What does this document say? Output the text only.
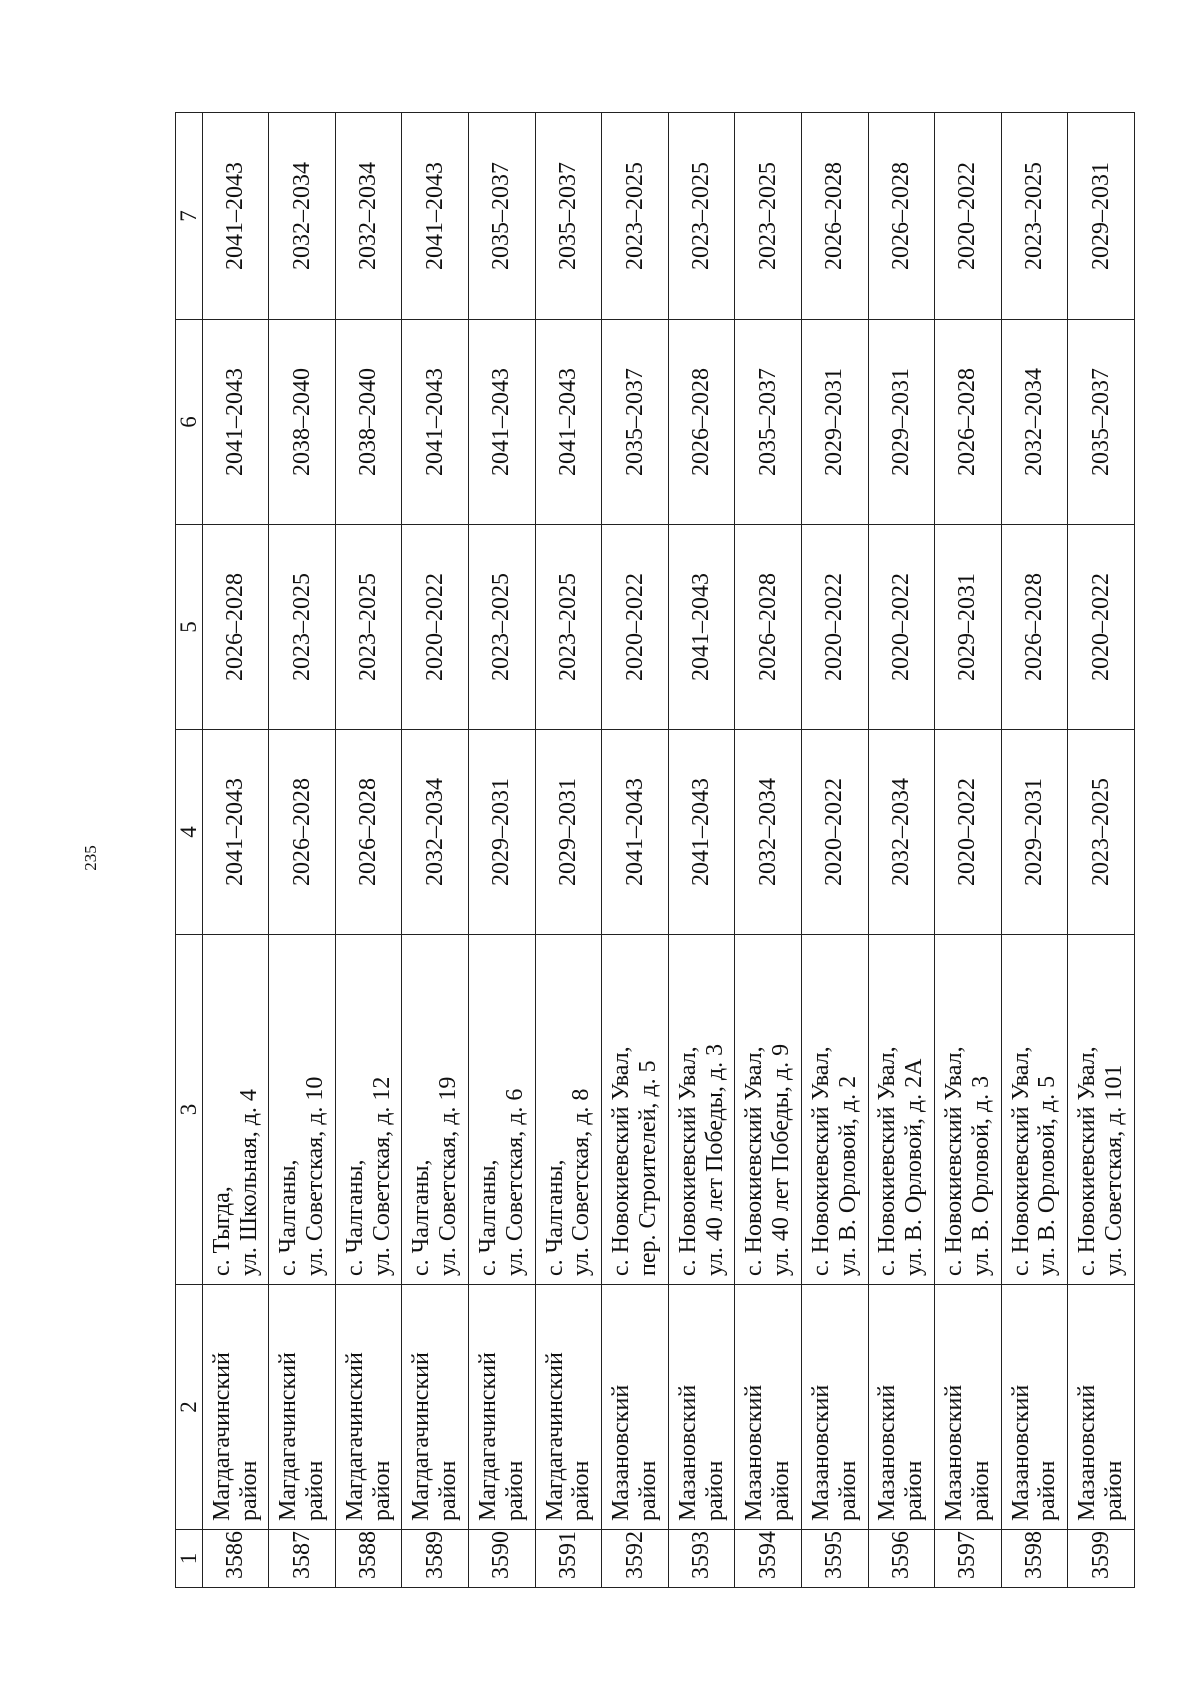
235
1	2	3	4	5	6	7
3586	Магдагачинский район	с. Тыгда, ул. Школьная, д. 4	2041–2043	2026–2028	2041–2043	2041–2043
3587	Магдагачинский район	с. Чалганы, ул. Советская, д. 10	2026–2028	2023–2025	2038–2040	2032–2034
3588	Магдагачинский район	с. Чалганы, ул. Советская, д. 12	2026–2028	2023–2025	2038–2040	2032–2034
3589	Магдагачинский район	с. Чалганы, ул. Советская, д. 19	2032–2034	2020–2022	2041–2043	2041–2043
3590	Магдагачинский район	с. Чалганы, ул. Советская, д. 6	2029–2031	2023–2025	2041–2043	2035–2037
3591	Магдагачинский район	с. Чалганы, ул. Советская, д. 8	2029–2031	2023–2025	2041–2043	2035–2037
3592	Мазановский район	с. Новокиевский Увал, пер. Строителей, д. 5	2041–2043	2020–2022	2035–2037	2023–2025
3593	Мазановский район	с. Новокиевский Увал, ул. 40 лет Победы, д. 3	2041–2043	2041–2043	2026–2028	2023–2025
3594	Мазановский район	с. Новокиевский Увал, ул. 40 лет Победы, д. 9	2032–2034	2026–2028	2035–2037	2023–2025
3595	Мазановский район	с. Новокиевский Увал, ул. В. Орловой, д. 2	2020–2022	2020–2022	2029–2031	2026–2028
3596	Мазановский район	с. Новокиевский Увал, ул. В. Орловой, д. 2А	2032–2034	2020–2022	2029–2031	2026–2028
3597	Мазановский район	с. Новокиевский Увал, ул. В. Орловой, д. 3	2020–2022	2029–2031	2026–2028	2020–2022
3598	Мазановский район	с. Новокиевский Увал, ул. В. Орловой, д. 5	2029–2031	2026–2028	2032–2034	2023–2025
3599	Мазановский район	с. Новокиевский Увал, ул. Советская, д. 101	2023–2025	2020–2022	2035–2037	2029–2031
